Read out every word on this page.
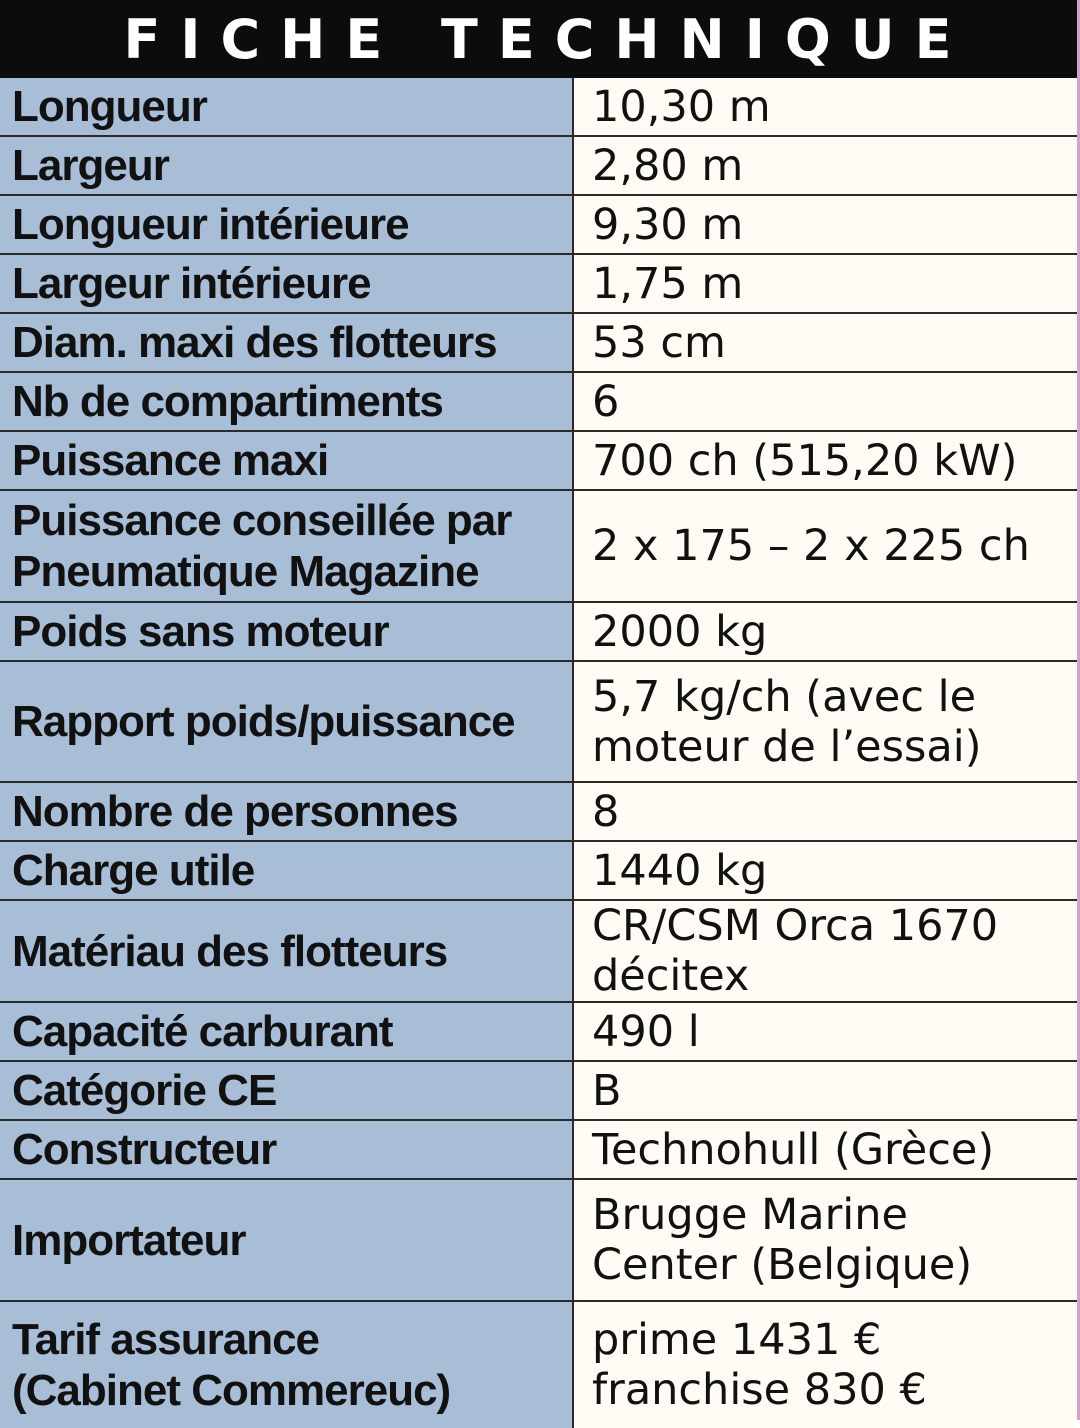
FICHE TECHNIQUE
Longueur	10,30 m
Largeur	2,80 m
Longueur intérieure	9,30 m
Largeur intérieure	1,75 m
Diam. maxi des flotteurs	53 cm
Nb de compartiments	6
Puissance maxi	700 ch (515,20 kW)
Puissance conseillée par
Pneumatique Magazine	2 x 175 – 2 x 225 ch
Poids sans moteur	2000 kg
Rapport poids/puissance	5,7 kg/ch (avec le
moteur de l’essai)
Nombre de personnes	8
Charge utile	1440 kg
Matériau des flotteurs	CR/CSM Orca 1670
décitex
Capacité carburant	490 l
Catégorie CE	B
Constructeur	Technohull (Grèce)
Importateur	Brugge Marine
Center (Belgique)
Tarif assurance
(Cabinet Commereuc)	prime 1431 €
franchise 830 €
